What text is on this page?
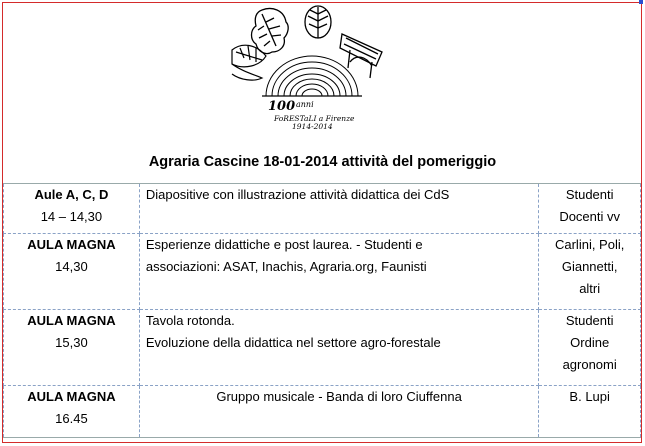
100 anni
FoRESTaLI a Firenze
1914-2014
Agraria Cascine 18-01-2014 attività del pomeriggio
Aule A, C, D
14 – 14,30	Diapositive con illustrazione attività didattica dei CdS	Studenti
Docenti vv

AULA MAGNA
14,30	Esperienze didattiche e post laurea. - Studenti e
associazioni: ASAT, Inachis, Agraria.org, Faunisti	Carlini, Poli,
Giannetti,
altri

AULA MAGNA
15,30	Tavola rotonda.
Evoluzione della didattica nel settore agro-forestale	Studenti
Ordine
agronomi

AULA MAGNA
16.45	Gruppo musicale - Banda di loro Ciuffenna	B. Lupi
